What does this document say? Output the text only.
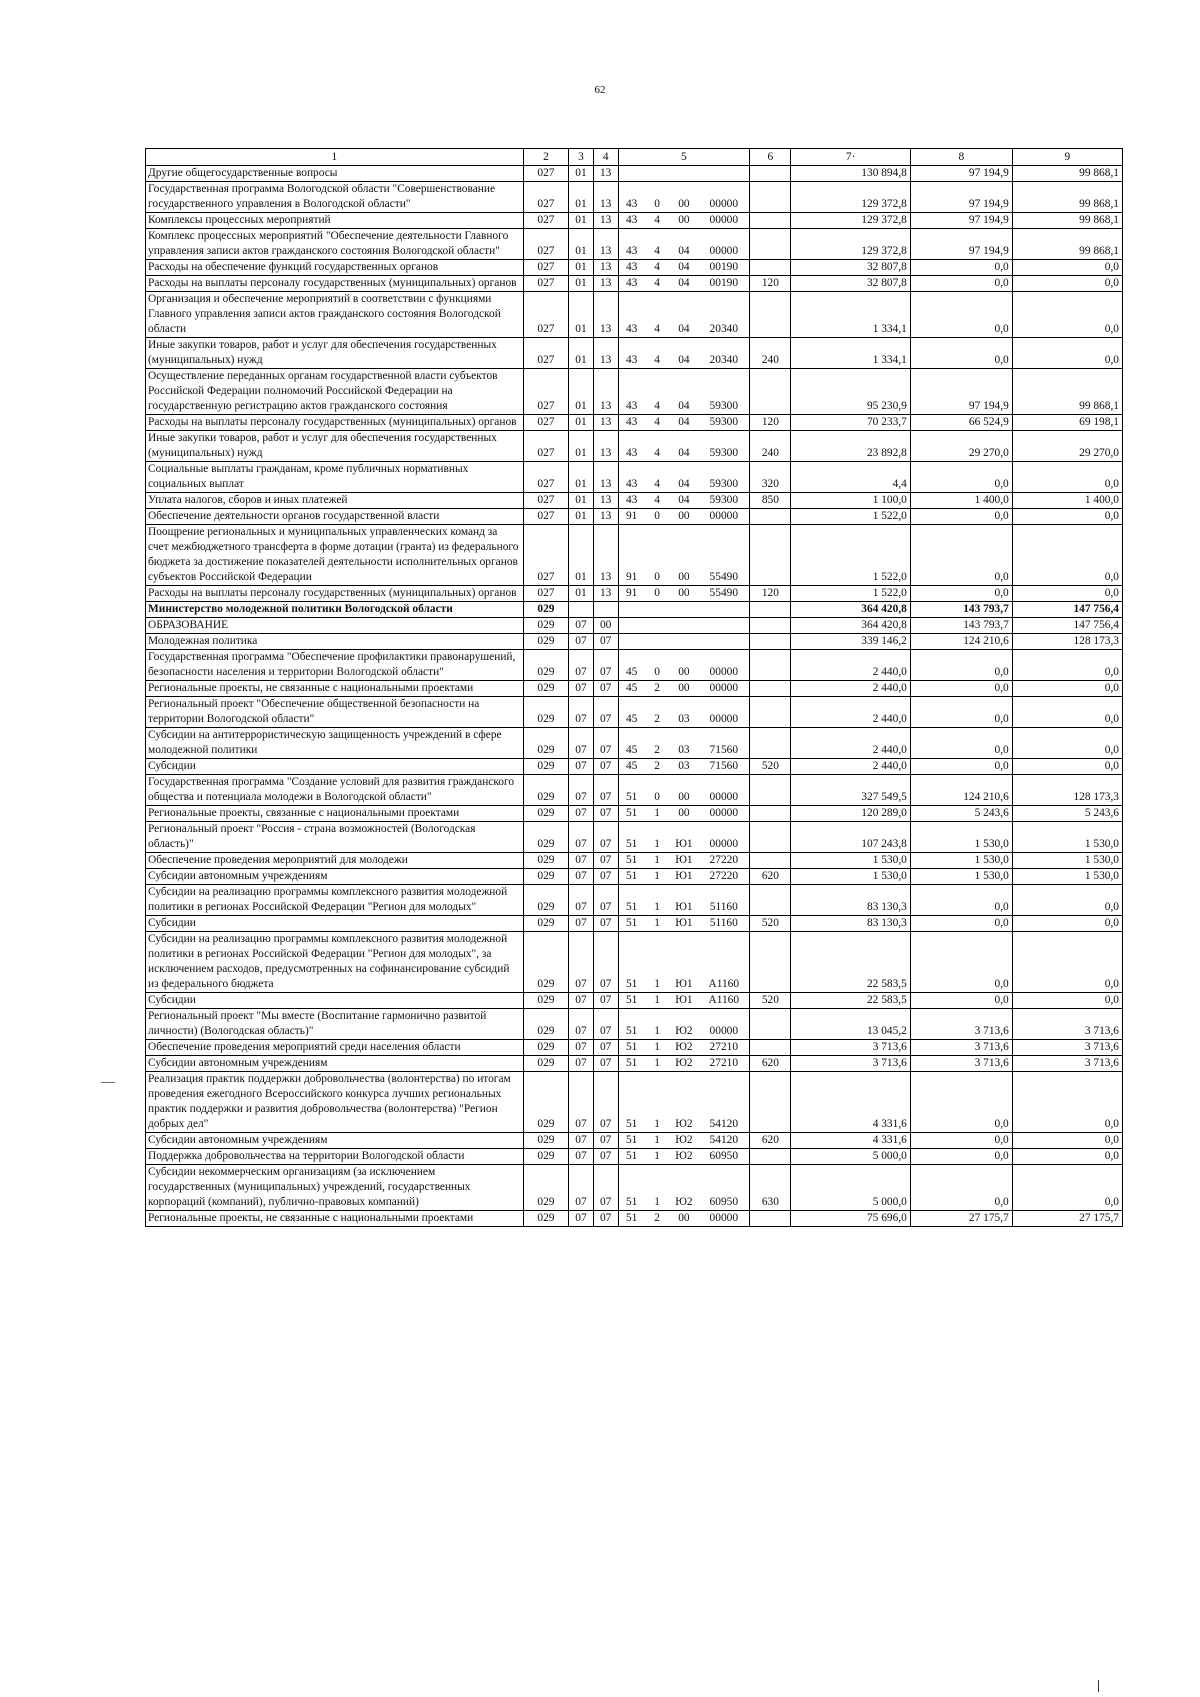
62
1	2	3	4	5				6	7·	8	9
Другие общегосударственные вопросы	027	01	13						130 894,8	97 194,9	99 868,1
Государственная программа Вологодской области "Совершенствование государственного управления в Вологодской области"	027	01	13	43	0	00	00000		129 372,8	97 194,9	99 868,1
Комплексы процессных мероприятий	027	01	13	43	4	00	00000		129 372,8	97 194,9	99 868,1
Комплекс процессных мероприятий "Обеспечение деятельности Главного управления записи актов гражданского состояния Вологодской области"	027	01	13	43	4	04	00000		129 372,8	97 194,9	99 868,1
Расходы на обеспечение функций государственных органов	027	01	13	43	4	04	00190		32 807,8	0,0	0,0
Расходы на выплаты персоналу государственных (муниципальных) органов	027	01	13	43	4	04	00190	120	32 807,8	0,0	0,0
Организация и обеспечение мероприятий в соответствии с функциями Главного управления записи актов гражданского состояния Вологодской области	027	01	13	43	4	04	20340		1 334,1	0,0	0,0
Иные закупки товаров, работ и услуг для обеспечения государственных (муниципальных) нужд	027	01	13	43	4	04	20340	240	1 334,1	0,0	0,0
Осуществление переданных органам государственной власти субъектов Российской Федерации полномочий Российской Федерации на государственную регистрацию актов гражданского состояния	027	01	13	43	4	04	59300		95 230,9	97 194,9	99 868,1
Расходы на выплаты персоналу государственных (муниципальных) органов	027	01	13	43	4	04	59300	120	70 233,7	66 524,9	69 198,1
Иные закупки товаров, работ и услуг для обеспечения государственных (муниципальных) нужд	027	01	13	43	4	04	59300	240	23 892,8	29 270,0	29 270,0
Социальные выплаты гражданам, кроме публичных нормативных социальных выплат	027	01	13	43	4	04	59300	320	4,4	0,0	0,0
Уплата налогов, сборов и иных платежей	027	01	13	43	4	04	59300	850	1 100,0	1 400,0	1 400,0
Обеспечение деятельности органов государственной власти	027	01	13	91	0	00	00000		1 522,0	0,0	0,0
Поощрение региональных и муниципальных управленческих команд за счет межбюджетного трансферта в форме дотации (гранта) из федерального бюджета за достижение показателей деятельности исполнительных органов субъектов Российской Федерации	027	01	13	91	0	00	55490		1 522,0	0,0	0,0
Расходы на выплаты персоналу государственных (муниципальных) органов	027	01	13	91	0	00	55490	120	1 522,0	0,0	0,0
Министерство молодежной политики Вологодской области	029								364 420,8	143 793,7	147 756,4
ОБРАЗОВАНИЕ	029	07	00						364 420,8	143 793,7	147 756,4
Молодежная политика	029	07	07						339 146,2	124 210,6	128 173,3
Государственная программа "Обеспечение профилактики правонарушений, безопасности населения и территории Вологодской области"	029	07	07	45	0	00	00000		2 440,0	0,0	0,0
Региональные проекты, не связанные с национальными проектами	029	07	07	45	2	00	00000		2 440,0	0,0	0,0
Региональный проект "Обеспечение общественной безопасности на территории Вологодской области"	029	07	07	45	2	03	00000		2 440,0	0,0	0,0
Субсидии на антитеррористическую защищенность учреждений в сфере молодежной политики	029	07	07	45	2	03	71560		2 440,0	0,0	0,0
Субсидии	029	07	07	45	2	03	71560	520	2 440,0	0,0	0,0
Государственная программа "Создание условий для развития гражданского общества и потенциала молодежи в Вологодской области"	029	07	07	51	0	00	00000		327 549,5	124 210,6	128 173,3
Региональные проекты, связанные с национальными проектами	029	07	07	51	1	00	00000		120 289,0	5 243,6	5 243,6
Региональный проект "Россия - страна возможностей (Вологодская область)"	029	07	07	51	1	Ю1	00000		107 243,8	1 530,0	1 530,0
Обеспечение проведения мероприятий для молодежи	029	07	07	51	1	Ю1	27220		1 530,0	1 530,0	1 530,0
Субсидии автономным учреждениям	029	07	07	51	1	Ю1	27220	620	1 530,0	1 530,0	1 530,0
Субсидии на реализацию программы комплексного развития молодежной политики в регионах Российской Федерации "Регион для молодых"	029	07	07	51	1	Ю1	51160		83 130,3	0,0	0,0
Субсидии	029	07	07	51	1	Ю1	51160	520	83 130,3	0,0	0,0
Субсидии на реализацию программы комплексного развития молодежной политики в регионах Российской Федерации "Регион для молодых", за исключением расходов, предусмотренных на софинансирование субсидий из федерального бюджета	029	07	07	51	1	Ю1	А1160		22 583,5	0,0	0,0
Субсидии	029	07	07	51	1	Ю1	А1160	520	22 583,5	0,0	0,0
Региональный проект "Мы вместе (Воспитание гармонично развитой личности) (Вологодская область)"	029	07	07	51	1	Ю2	00000		13 045,2	3 713,6	3 713,6
Обеспечение проведения мероприятий среди населения области	029	07	07	51	1	Ю2	27210		3 713,6	3 713,6	3 713,6
Субсидии автономным учреждениям	029	07	07	51	1	Ю2	27210	620	3 713,6	3 713,6	3 713,6
Реализация практик поддержки добровольчества (волонтерства) по итогам проведения ежегодного Всероссийского конкурса лучших региональных практик поддержки и развития добровольчества (волонтерства) "Регион добрых дел"	029	07	07	51	1	Ю2	54120		4 331,6	0,0	0,0
Субсидии автономным учреждениям	029	07	07	51	1	Ю2	54120	620	4 331,6	0,0	0,0
Поддержка добровольчества на территории Вологодской области	029	07	07	51	1	Ю2	60950		5 000,0	0,0	0,0
Субсидии некоммерческим организациям (за исключением государственных (муниципальных) учреждений, государственных корпораций (компаний), публично-правовых компаний)	029	07	07	51	1	Ю2	60950	630	5 000,0	0,0	0,0
Региональные проекты, не связанные с национальными проектами	029	07	07	51	2	00	00000		75 696,0	27 175,7	27 175,7
